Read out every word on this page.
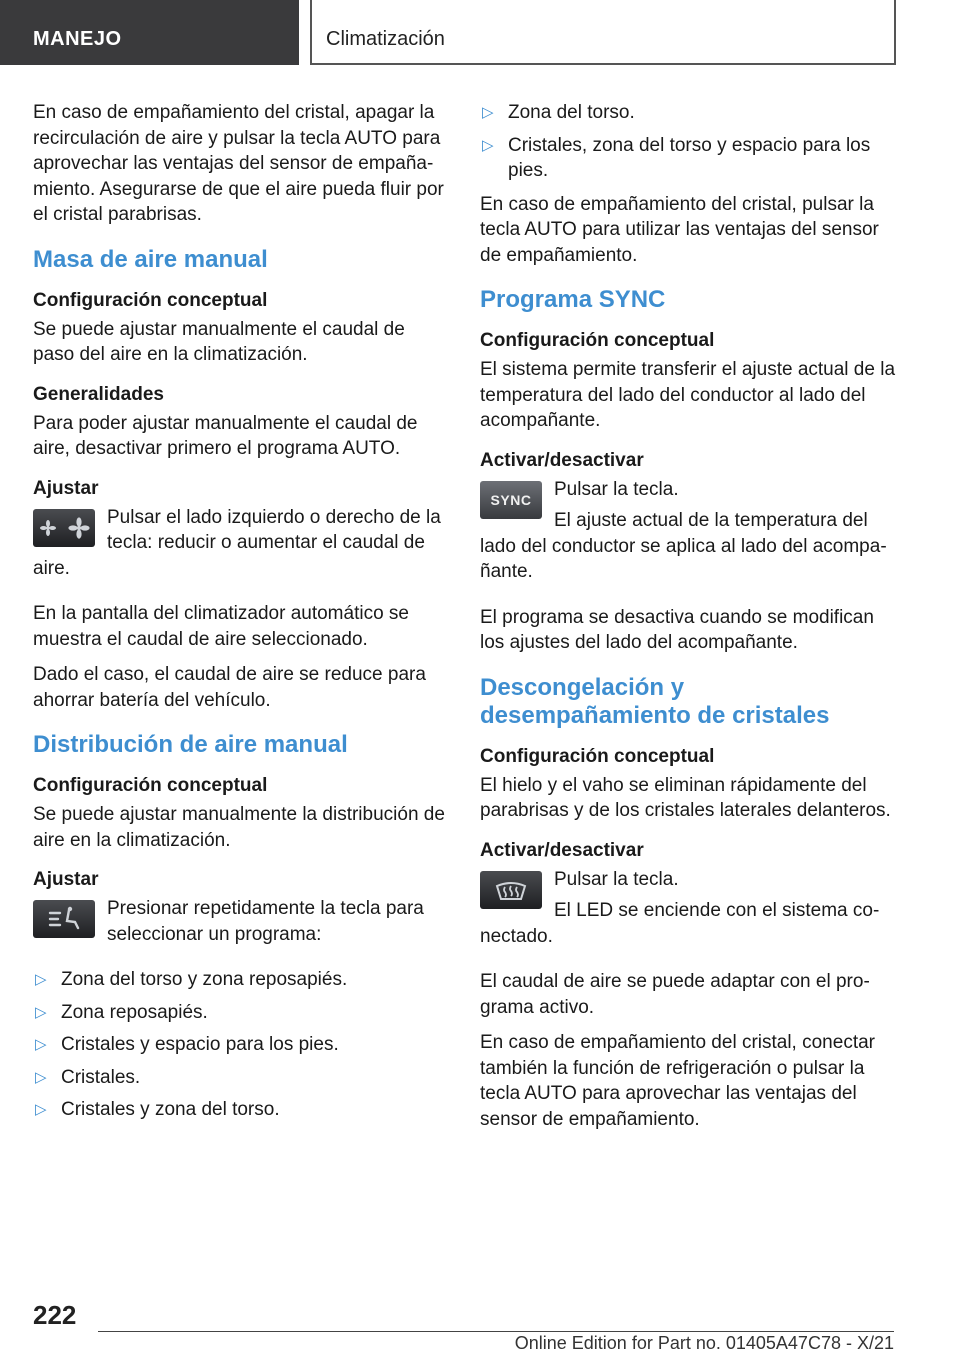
MANEJO	Climatización

En caso de empañamiento del cristal, apagar la recirculación de aire y pulsar la tecla AUTO para aprovechar las ventajas del sensor de empañamiento. Asegurarse de que el aire pueda fluir por el cristal parabrisas.

Masa de aire manual
Configuración conceptual

Se puede ajustar manualmente el caudal de paso del aire en la climatización.

Generalidades

Para poder ajustar manualmente el caudal de aire, desactivar primero el programa AUTO.

Ajustar

Pulsar el lado izquierdo o derecho de la tecla: reducir o aumentar el caudal de aire.

En la pantalla del climatizador automático se muestra el caudal de aire seleccionado.

Dado el caso, el caudal de aire se reduce para ahorrar batería del vehículo.

Distribución de aire manual
Configuración conceptual

Se puede ajustar manualmente la distribución de aire en la climatización.

Ajustar

Presionar repetidamente la tecla para seleccionar un programa:

▷ Zona del torso y zona reposapiés.
▷ Zona reposapiés.
▷ Cristales y espacio para los pies.
▷ Cristales.
▷ Cristales y zona del torso.
▷ Zona del torso.
▷ Cristales, zona del torso y espacio para los pies.

En caso de empañamiento del cristal, pulsar la tecla AUTO para utilizar las ventajas del sensor de empañamiento.

Programa SYNC
Configuración conceptual

El sistema permite transferir el ajuste actual de la temperatura del lado del conductor al lado del acompañante.

Activar/desactivar
SYNC	Pulsar la tecla.

El ajuste actual de la temperatura del lado del conductor se aplica al lado del acompañante.

El programa se desactiva cuando se modifican los ajustes del lado del acompañante.

Descongelación y desempañamiento de cristales
Configuración conceptual

El hielo y el vaho se eliminan rápidamente del parabrisas y de los cristales laterales delanteros.

Activar/desactivar

Pulsar la tecla.

El LED se enciende con el sistema conectado.

El caudal de aire se puede adaptar con el programa activo.

En caso de empañamiento del cristal, conectar también la función de refrigeración o pulsar la tecla AUTO para aprovechar las ventajas del sensor de empañamiento.

222
Online Edition for Part no. 01405A47C78 - X/21
